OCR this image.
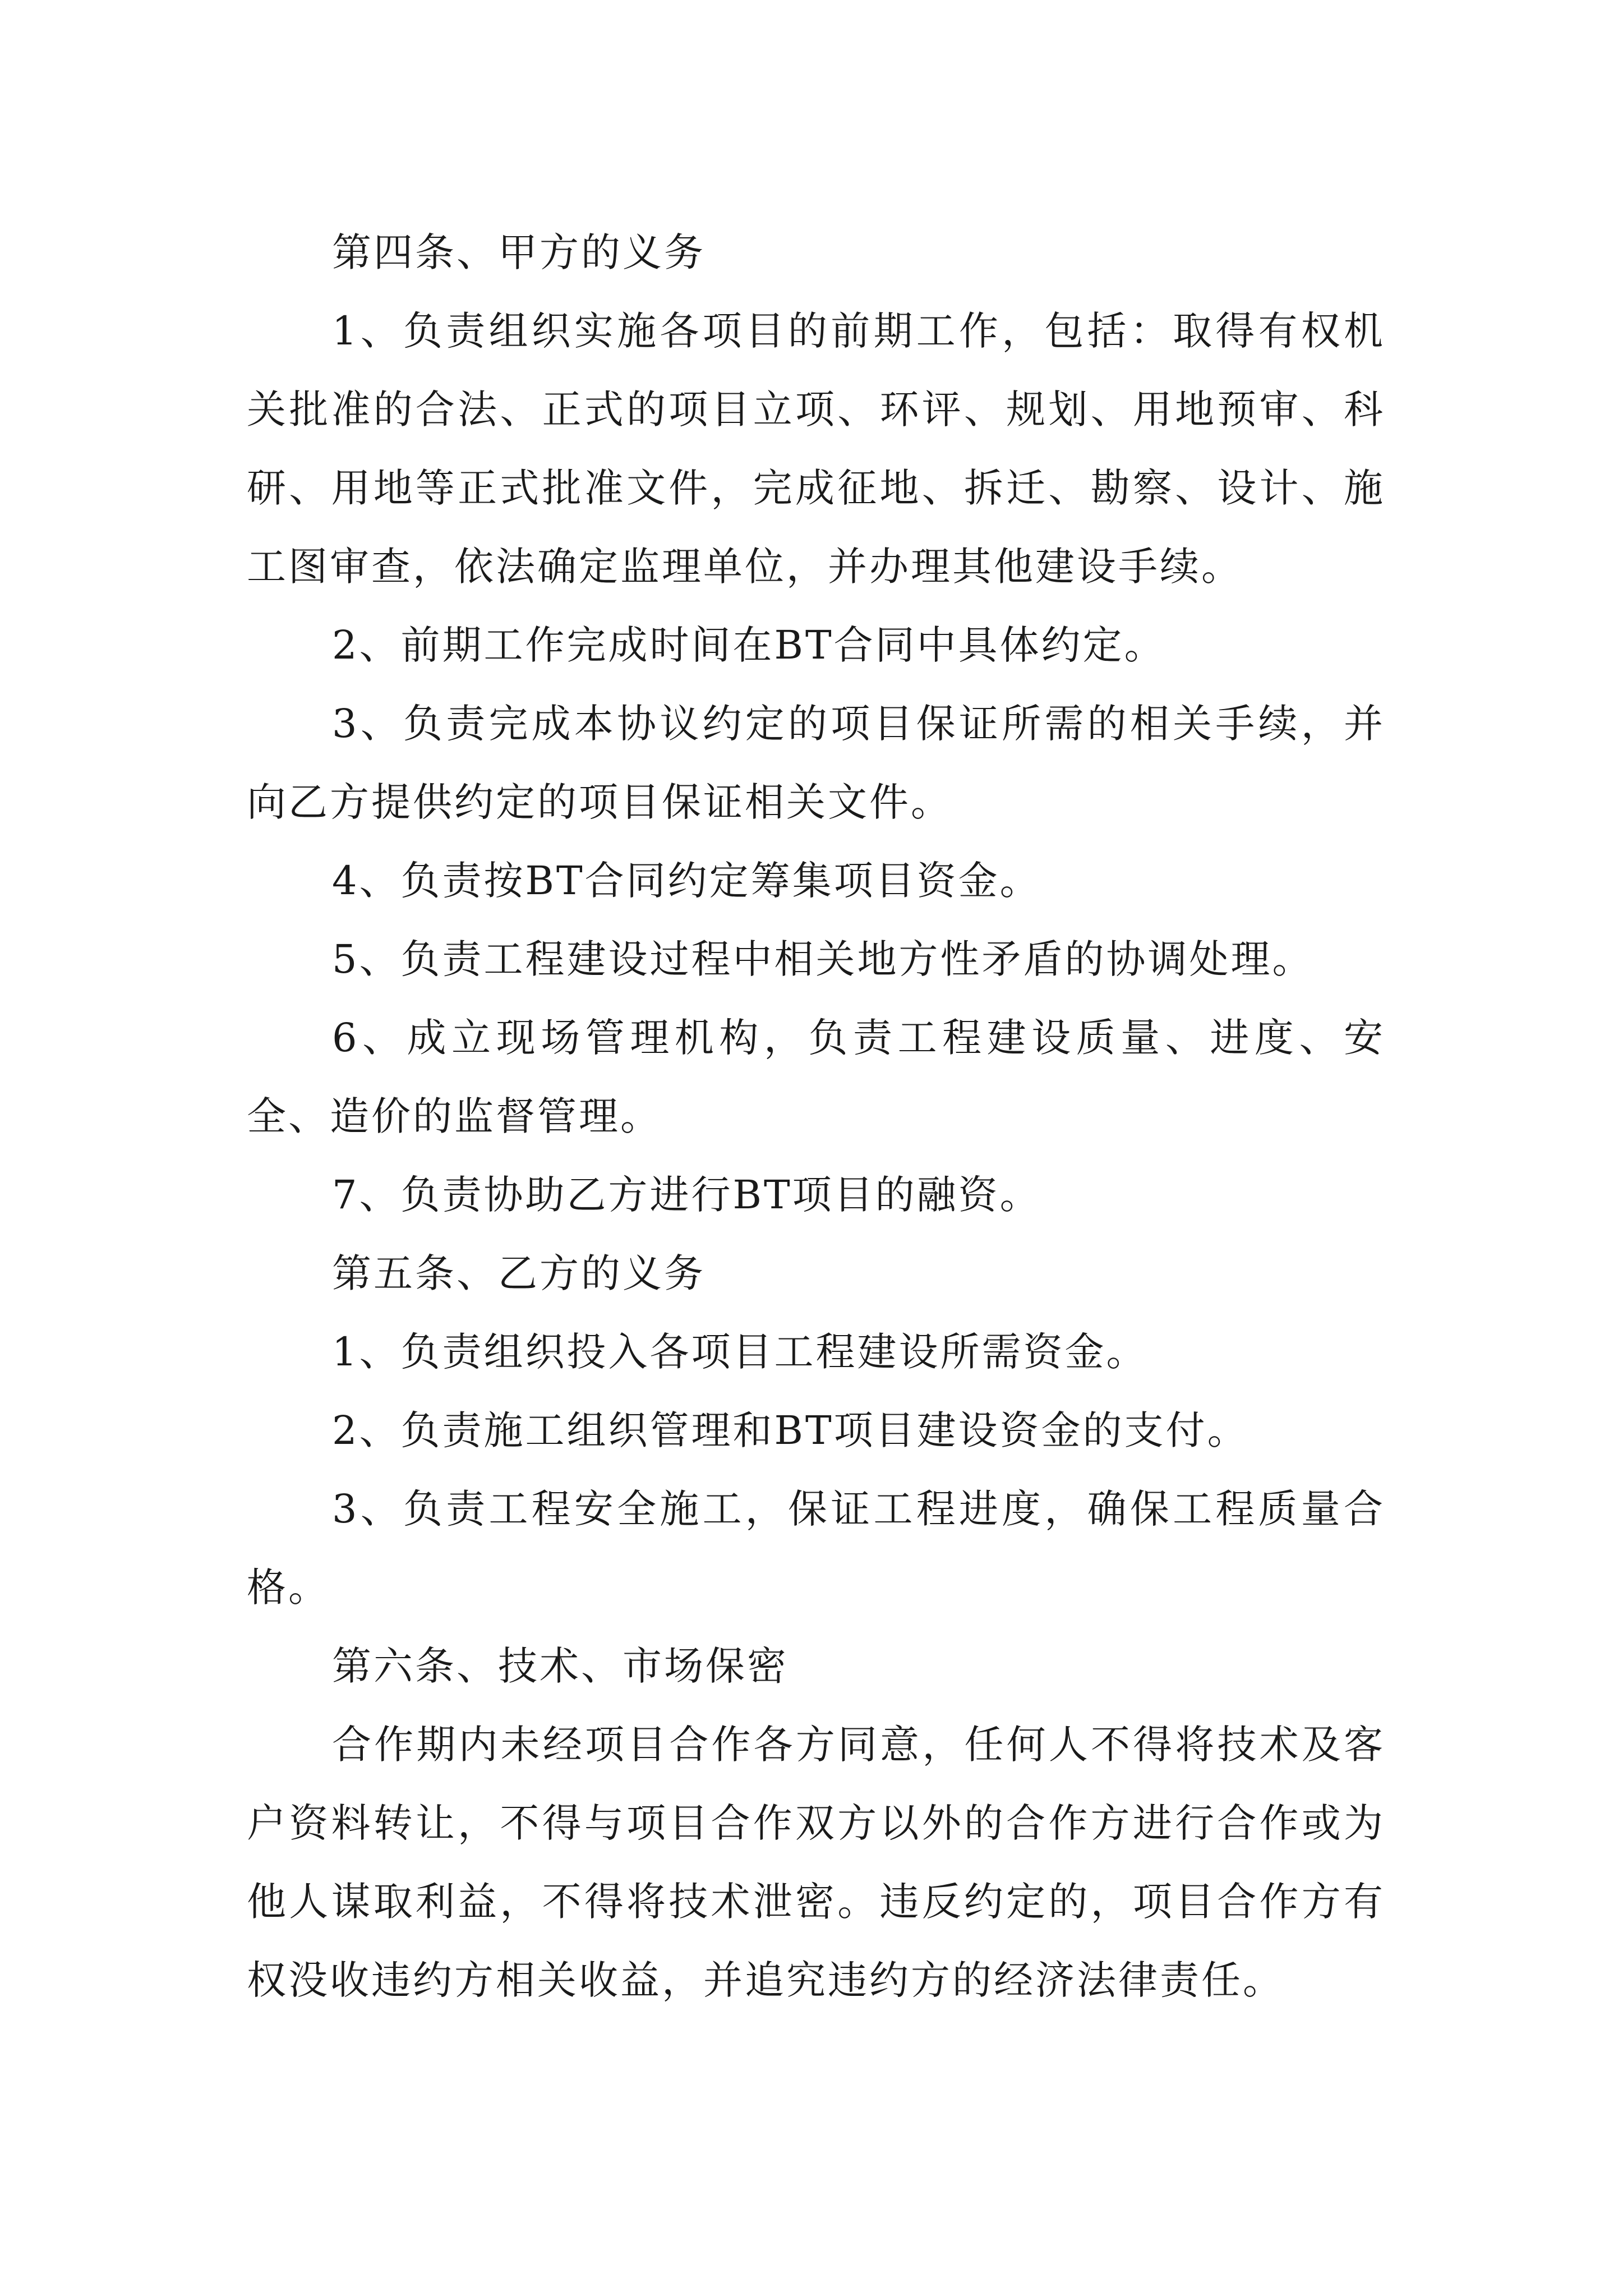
第四条、甲方的义务

1、负责组织实施各项目的前期工作，包括：取得有权机关批准的合法、正式的项目立项、环评、规划、用地预审、科研、用地等正式批准文件，完成征地、拆迁、勘察、设计、施工图审查，依法确定监理单位，并办理其他建设手续。

2、前期工作完成时间在BT合同中具体约定。

3、负责完成本协议约定的项目保证所需的相关手续，并向乙方提供约定的项目保证相关文件。

4、负责按BT合同约定筹集项目资金。

5、负责工程建设过程中相关地方性矛盾的协调处理。

6、成立现场管理机构，负责工程建设质量、进度、安全、造价的监督管理。

7、负责协助乙方进行BT项目的融资。

第五条、乙方的义务

1、负责组织投入各项目工程建设所需资金。

2、负责施工组织管理和BT项目建设资金的支付。

3、负责工程安全施工，保证工程进度，确保工程质量合格。

第六条、技术、市场保密

合作期内未经项目合作各方同意，任何人不得将技术及客户资料转让，不得与项目合作双方以外的合作方进行合作或为他人谋取利益，不得将技术泄密。违反约定的，项目合作方有权没收违约方相关收益，并追究违约方的经济法律责任。
